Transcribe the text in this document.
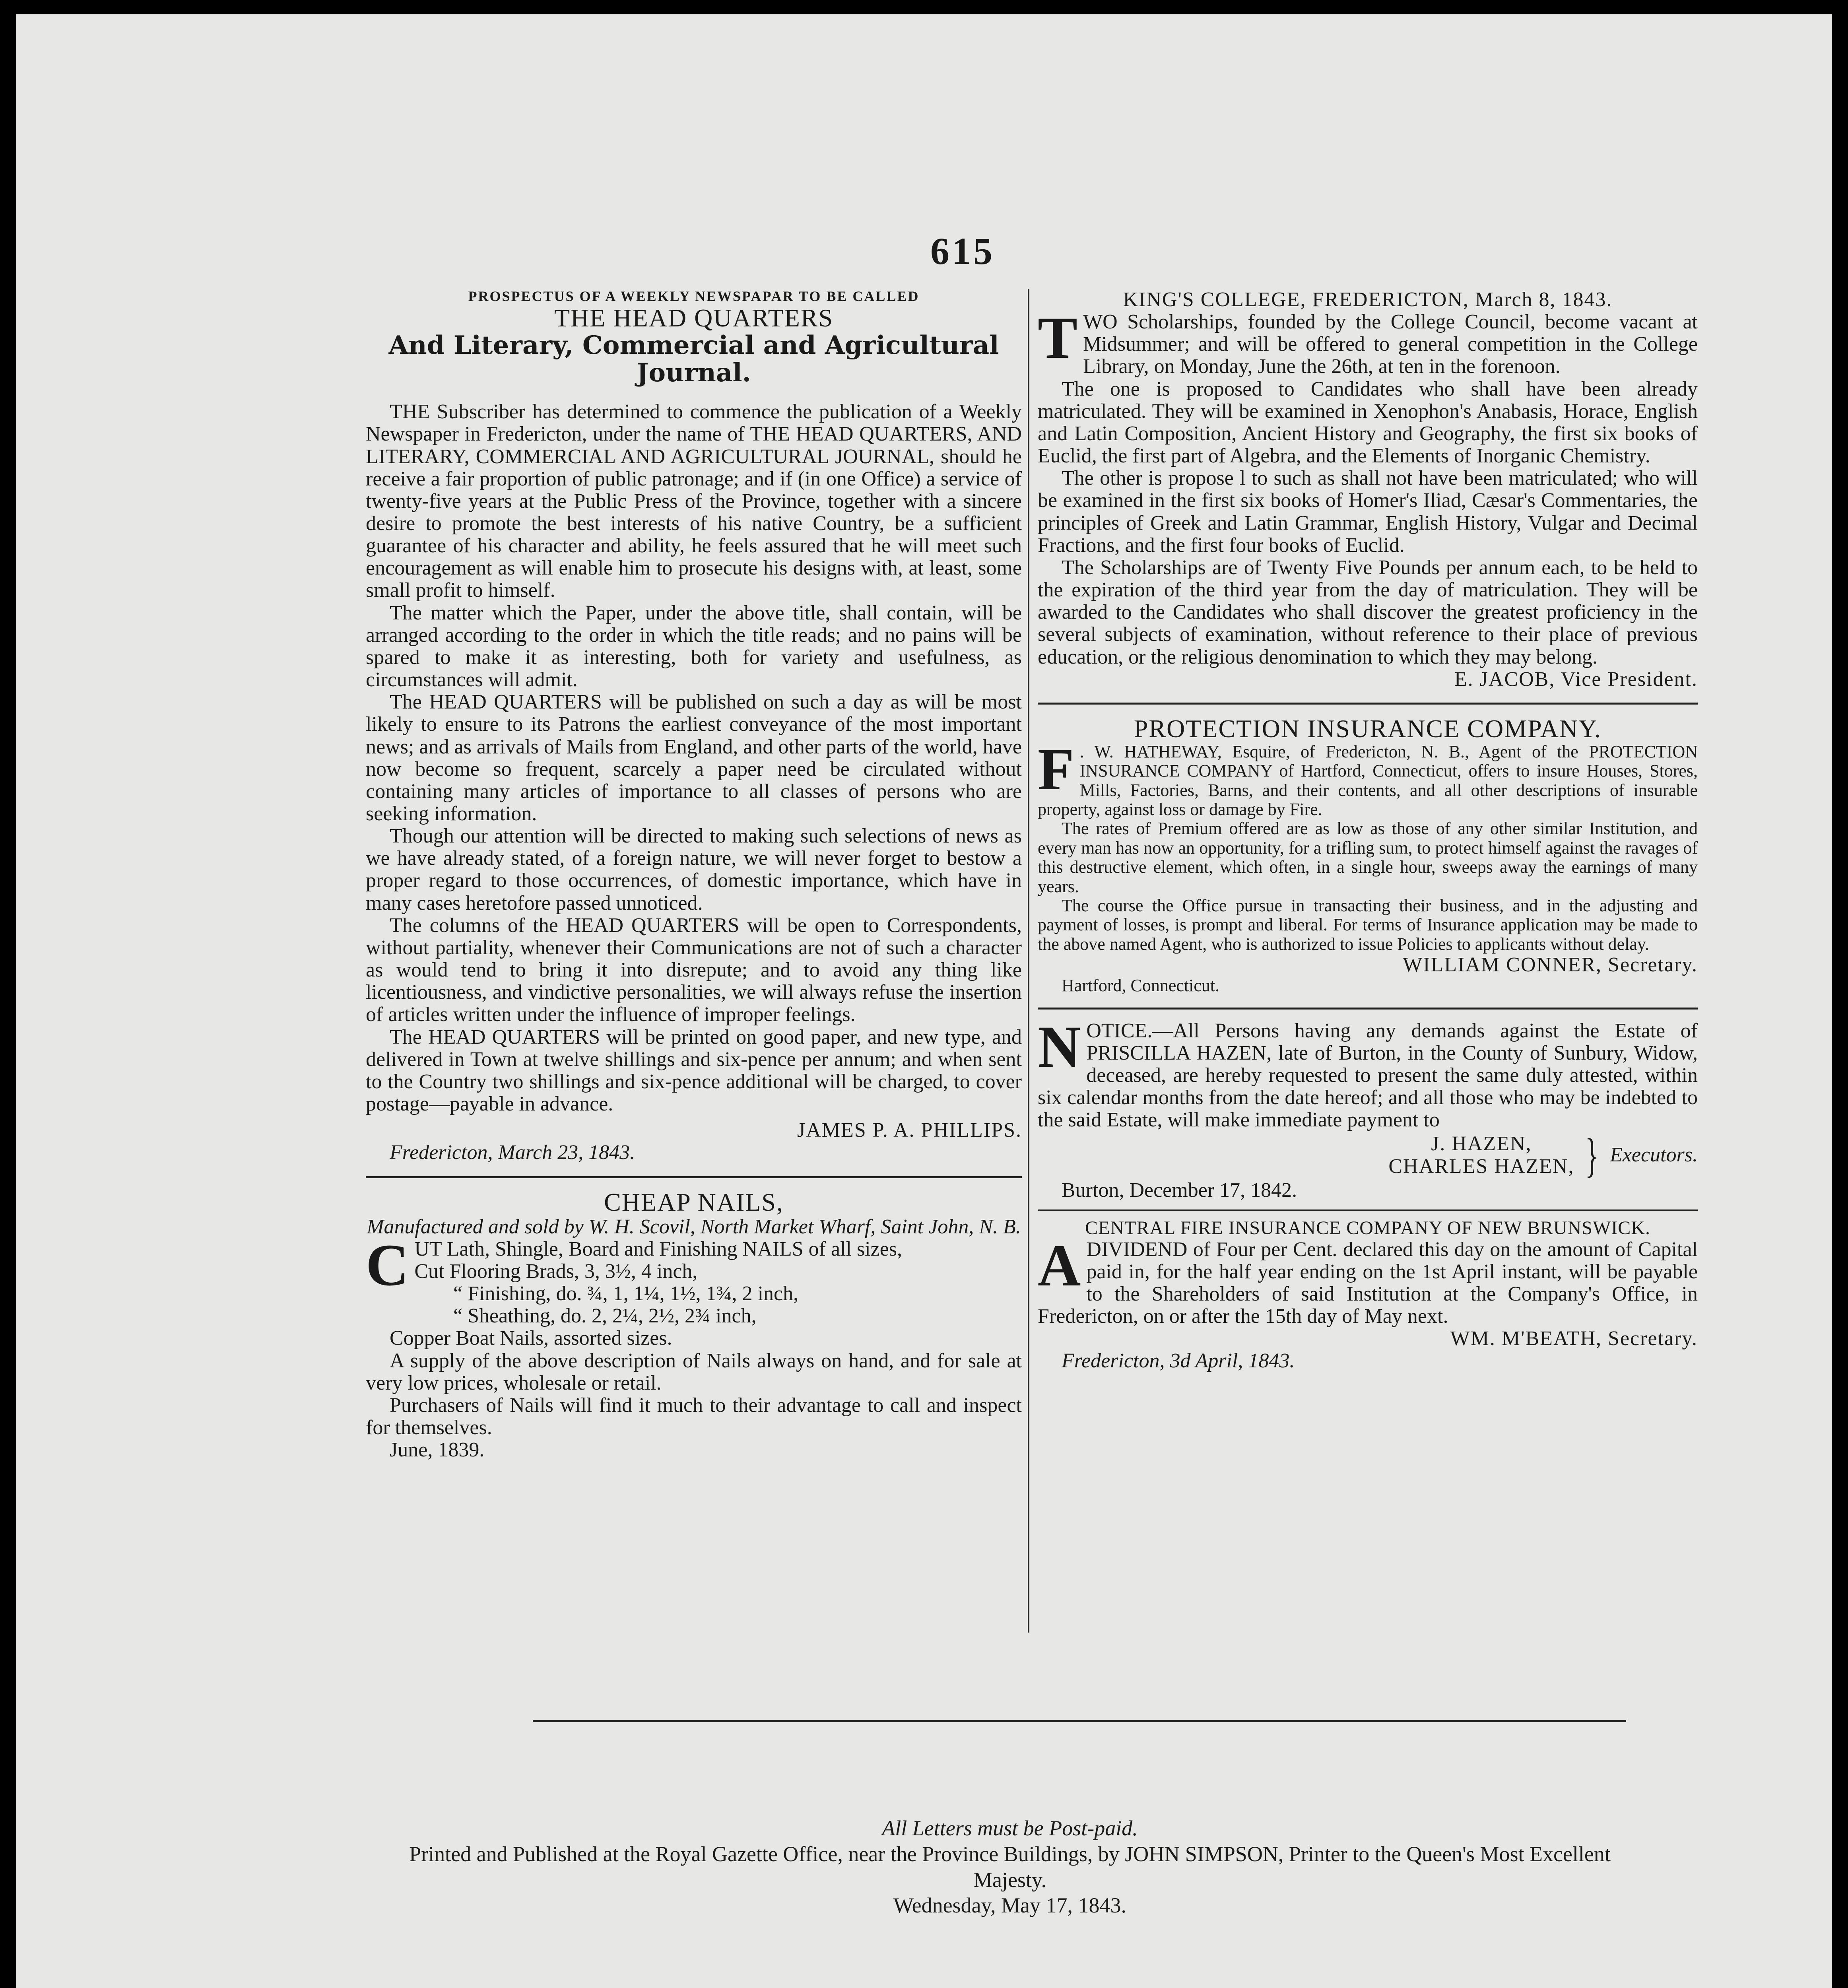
615

PROSPECTUS OF A WEEKLY NEWSPAPAR TO BE CALLED

THE HEAD QUARTERS

And Literary, Commercial and Agricultural Journal.

THE Subscriber has determined to commence the publication of a Weekly Newspaper in Fredericton, under the name of THE HEAD QUARTERS, AND LITERARY, COMMERCIAL AND AGRICULTURAL JOURNAL, should he receive a fair proportion of public patronage; and if (in one Office) a service of twenty-five years at the Public Press of the Province, together with a sincere desire to promote the best interests of his native Country, be a sufficient guarantee of his character and ability, he feels assured that he will meet such encouragement as will enable him to prosecute his designs with, at least, some small profit to himself.

The matter which the Paper, under the above title, shall contain, will be arranged according to the order in which the title reads; and no pains will be spared to make it as interesting, both for variety and usefulness, as circumstances will admit.

The HEAD QUARTERS will be published on such a day as will be most likely to ensure to its Patrons the earliest conveyance of the most important news; and as arrivals of Mails from England, and other parts of the world, have now become so frequent, scarcely a paper need be circulated without containing many articles of importance to all classes of persons who are seeking information.

Though our attention will be directed to making such selections of news as we have already stated, of a foreign nature, we will never forget to bestow a proper regard to those occurrences, of domestic importance, which have in many cases heretofore passed unnoticed.

The columns of the HEAD QUARTERS will be open to Correspondents, without partiality, whenever their Communications are not of such a character as would tend to bring it into disrepute; and to avoid any thing like licentiousness, and vindictive personalities, we will always refuse the insertion of articles written under the influence of improper feelings.

The HEAD QUARTERS will be printed on good paper, and new type, and delivered in Town at twelve shillings and six-pence per annum; and when sent to the Country two shillings and six-pence additional will be charged, to cover postage—payable in advance.

JAMES P. A. PHILLIPS.

Fredericton, March 23, 1843.

CHEAP NAILS,

Manufactured and sold by W. H. Scovil, North Market Wharf, Saint John, N. B.

C UT Lath, Shingle, Board and Finishing NAILS of all sizes,

Cut Flooring Brads, 3, 3½, 4 inch,

“ Finishing, do. ¾, 1, 1¼, 1½, 1¾, 2 inch,

“ Sheathing, do. 2, 2¼, 2½, 2¾ inch,

Copper Boat Nails, assorted sizes.

A supply of the above description of Nails always on hand, and for sale at very low prices, wholesale or retail.

Purchasers of Nails will find it much to their advantage to call and inspect for themselves.

June, 1839.

KING'S COLLEGE, FREDERICTON, March 8, 1843.

T WO Scholarships, founded by the College Council, become vacant at Midsummer; and will be offered to general competition in the College Library, on Monday, June the 26th, at ten in the forenoon.

The one is proposed to Candidates who shall have been already matriculated. They will be examined in Xenophon's Anabasis, Horace, English and Latin Composition, Ancient History and Geography, the first six books of Euclid, the first part of Algebra, and the Elements of Inorganic Chemistry.

The other is propose l to such as shall not have been matriculated; who will be examined in the first six books of Homer's Iliad, Cæsar's Commentaries, the principles of Greek and Latin Grammar, English History, Vulgar and Decimal Fractions, and the first four books of Euclid.

The Scholarships are of Twenty Five Pounds per annum each, to be held to the expiration of the third year from the day of matriculation. They will be awarded to the Candidates who shall discover the greatest proficiency in the several subjects of examination, without reference to their place of previous education, or the religious denomination to which they may belong.

E. JACOB, Vice President.

PROTECTION INSURANCE COMPANY.

F . W. HATHEWAY, Esquire, of Fredericton, N. B., Agent of the PROTECTION INSURANCE COMPANY of Hartford, Connecticut, offers to insure Houses, Stores, Mills, Factories, Barns, and their contents, and all other descriptions of insurable property, against loss or damage by Fire.

The rates of Premium offered are as low as those of any other similar Institution, and every man has now an opportunity, for a trifling sum, to protect himself against the ravages of this destructive element, which often, in a single hour, sweeps away the earnings of many years.

The course the Office pursue in transacting their business, and in the adjusting and payment of losses, is prompt and liberal. For terms of Insurance application may be made to the above named Agent, who is authorized to issue Policies to applicants without delay.

WILLIAM CONNER, Secretary.

Hartford, Connecticut.

N OTICE.—All Persons having any demands against the Estate of PRISCILLA HAZEN, late of Burton, in the County of Sunbury, Widow, deceased, are hereby requested to present the same duly attested, within six calendar months from the date hereof; and all those who may be indebted to the said Estate, will make immediate payment to

J. HAZEN,

CHARLES HAZEN, } Executors.

Burton, December 17, 1842.

CENTRAL FIRE INSURANCE COMPANY OF NEW BRUNSWICK.

A DIVIDEND of Four per Cent. declared this day on the amount of Capital paid in, for the half year ending on the 1st April instant, will be payable to the Shareholders of said Institution at the Company's Office, in Fredericton, on or after the 15th day of May next.

WM. M'BEATH, Secretary.

Fredericton, 3d April, 1843.

All Letters must be Post-paid.

Printed and Published at the Royal Gazette Office, near the Province Buildings, by JOHN SIMPSON, Printer to the Queen's Most Excellent Majesty.

Wednesday, May 17, 1843.
